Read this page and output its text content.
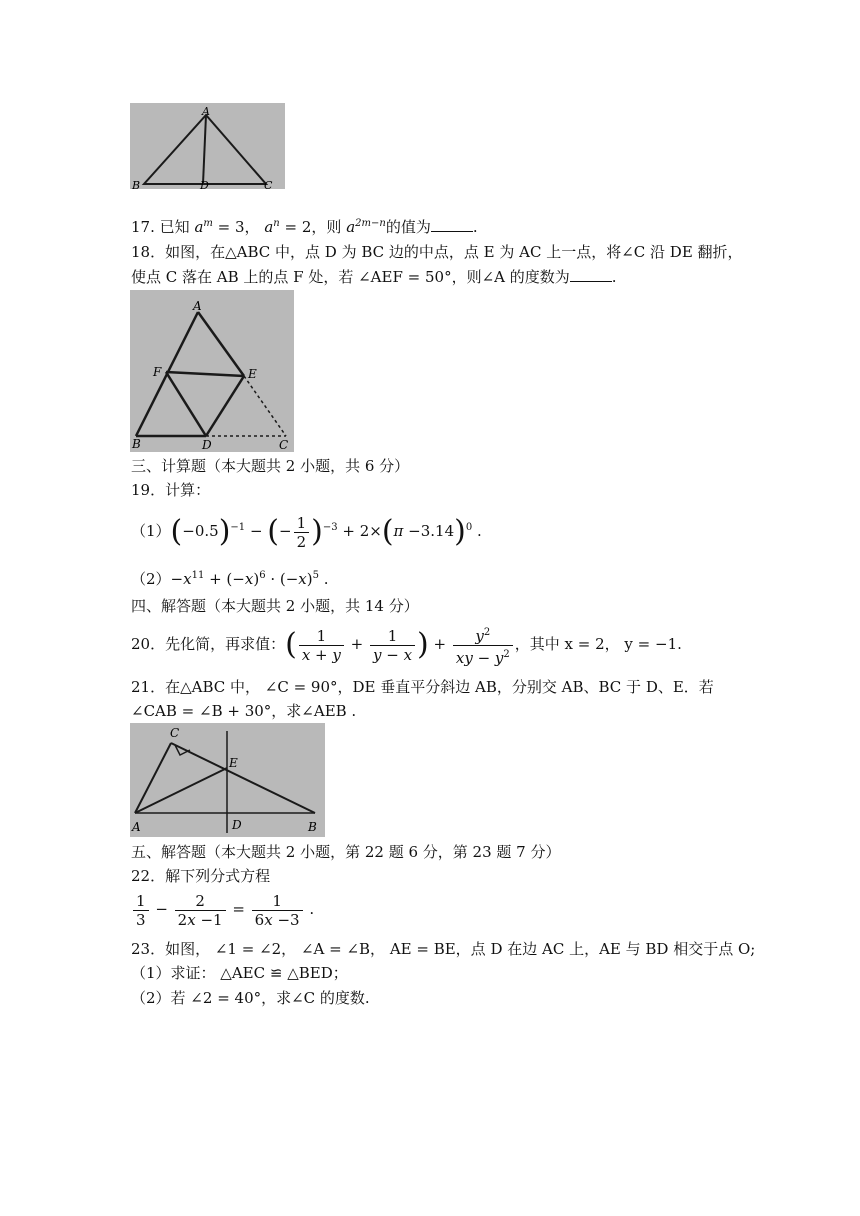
A
B	D	C
17. 已知 $a^m = 3$， $a^n = 2$，则 $a^{2m-n}$的值为	.
18．如图，在△ABC 中，点 D 为 BC 边的中点，点 E 为 AC 上一点，将∠C 沿 DE 翻折，
使点 C 落在 AB 上的点 F 处，若 ∠AEF = 50°，则∠A 的度数为	.
A
F	E
B	D	C
三、计算题（本大题共 2 小题，共 6 分）
19．计算：
$(1)(-0.5)^{-1}$ − (− $\frac{1}{2} )^{-3} + 2\times(\pi -3.14)^0$ .
$(2)-x^{11} + (-x)^6 \cdot (-x)^5$ .
四、解答题（本大题共 2 小题，共 14 分）
20．先化简，再求值：( $\frac{1}{x + y} + \frac{1}{y - x}$ ) + $\frac{y^2}{xy - y^2}$ ，其中 x = 2， y = −1.
21．在△ABC 中， ∠C = 90°，DE 垂直平分斜边 AB，分别交 AB、BC 于 D、E．若
∠CAB = ∠B + 30°，求∠AEB .
C
E
A	D	B
五、解答题（本大题共 2 小题，第 22 题 6 分，第 23 题 7 分）
22．解下列分式方程
$\frac{1}{3} - \frac{2}{2x -1} = \frac{1}{6x -3}$ .
23．如图， ∠1 = ∠2， ∠A = ∠B， AE = BE，点 D 在边 AC 上，AE 与 BD 相交于点 O;
（1）求证： △AEC ≌ △BED；
（2）若 ∠2 = 40°，求∠C 的度数.
